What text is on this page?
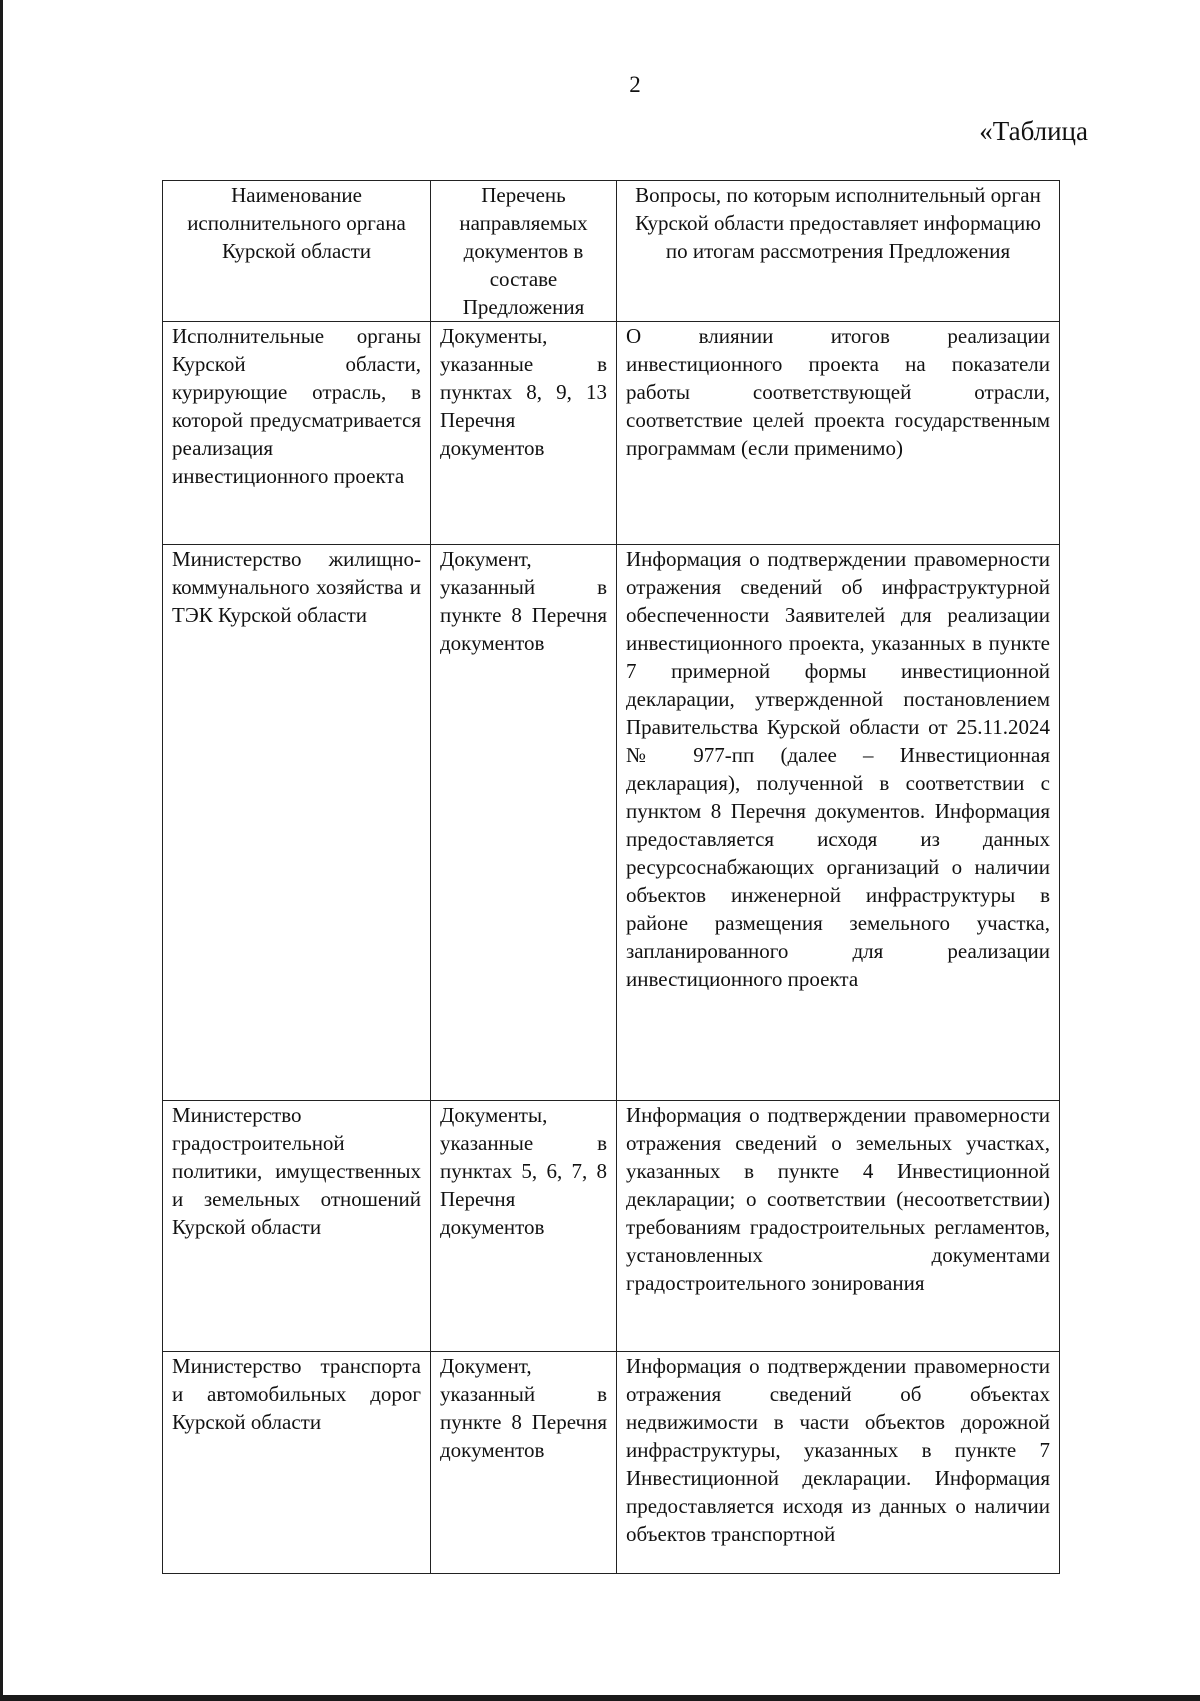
2
«Таблица
Наименование исполнительного органа Курской области	Перечень направляемых документов в составе Предложения	Вопросы, по которым исполнительный орган Курской области предоставляет информацию по итогам рассмотрения Предложения
Исполнительные органы Курской области, курирующие отрасль, в которой предусматривается реализация инвестиционного проекта	Документы, указанные в пунктах 8, 9, 13 Перечня документов	О влиянии итогов реализации инвестиционного проекта на показатели работы соответствующей отрасли, соответствие целей проекта государственным программам (если применимо)
Министерство жилищно-коммунального хозяйства и ТЭК Курской области	Документ, указанный в пункте 8 Перечня документов	Информация о подтверждении правомерности отражения сведений об инфраструктурной обеспеченности Заявителей для реализации инвестиционного проекта, указанных в пункте 7 примерной формы инвестиционной декларации, утвержденной постановлением Правительства Курской области от 25.11.2024 № 977-пп (далее – Инвестиционная декларация), полученной в соответствии с пунктом 8 Перечня документов. Информация предоставляется исходя из данных ресурсоснабжающих организаций о наличии объектов инженерной инфраструктуры в районе размещения земельного участка, запланированного для реализации инвестиционного проекта
Министерство градостроительной политики, имущественных и земельных отношений Курской области	Документы, указанные в пунктах 5, 6, 7, 8 Перечня документов	Информация о подтверждении правомерности отражения сведений о земельных участках, указанных в пункте 4 Инвестиционной декларации; о соответствии (несоответствии) требованиям градостроительных регламентов, установленных документами градостроительного зонирования
Министерство транспорта и автомобильных дорог Курской области	Документ, указанный в пункте 8 Перечня документов	Информация о подтверждении правомерности отражения сведений об объектах недвижимости в части объектов дорожной инфраструктуры, указанных в пункте 7 Инвестиционной декларации. Информация предоставляется исходя из данных о наличии объектов транспортной
